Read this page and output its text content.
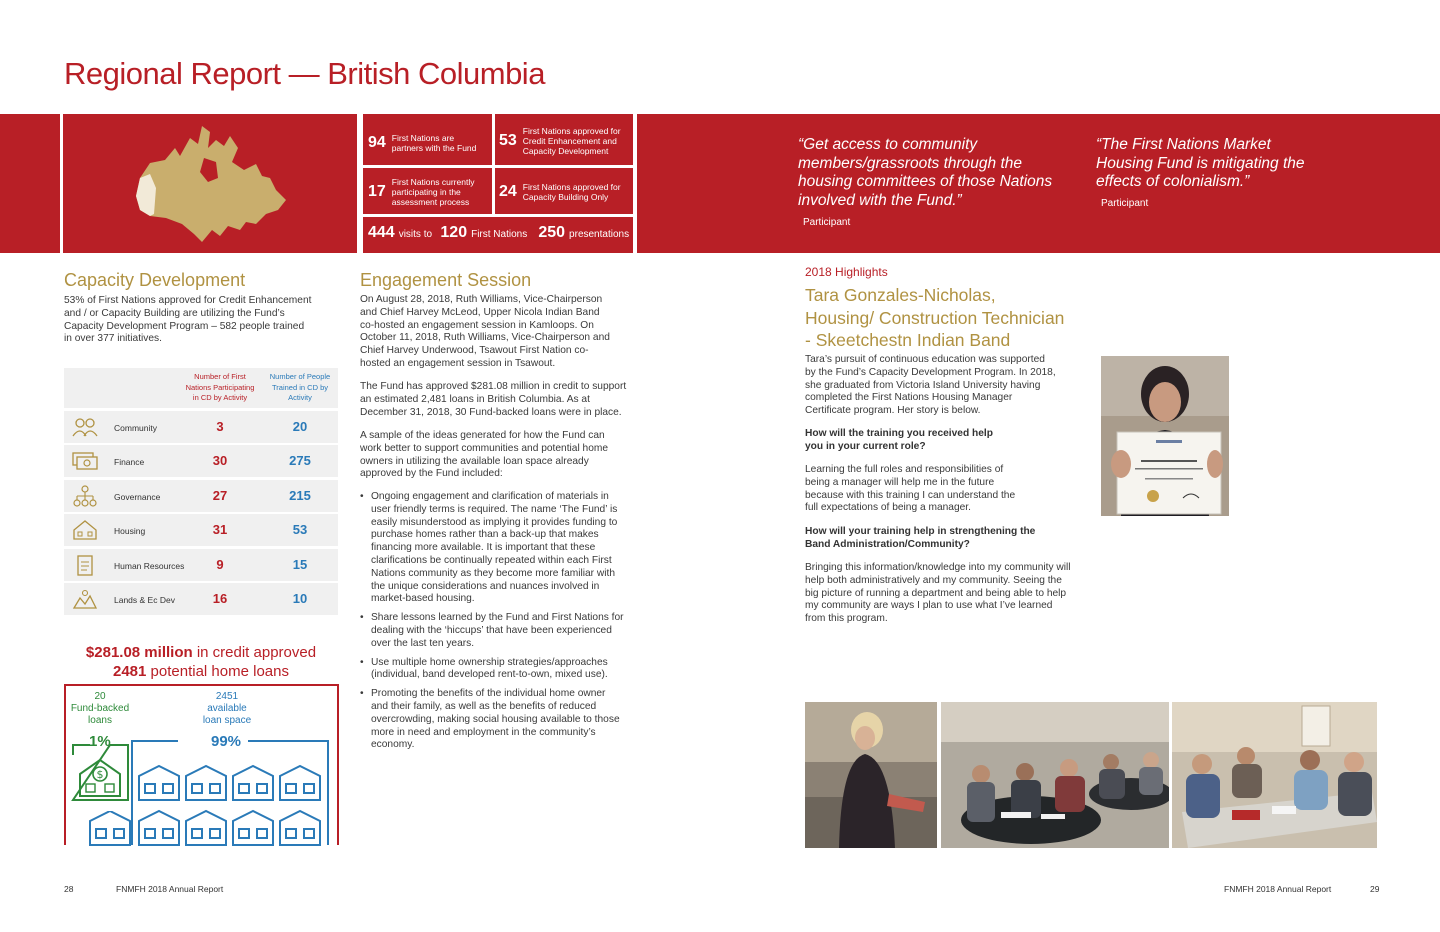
Regional Report — British Columbia
94 First Nations are partners with the Fund	53
First Nations approved for Credit Enhancement and Capacity Development
17
First Nations currently participating in the assessment process
24 First Nations approved for Capacity Building Only
444 visits to 120 First Nations 250 presentations
“Get access to community members/grassroots through the housing committees of those Nations involved with the Fund.”
Participant
“The First Nations Market Housing Fund is mitigating the effects of colonialism.”
Participant
Capacity Development
53% of First Nations approved for Credit Enhancement and / or Capacity Building are utilizing the Fund’s Capacity Development Program – 582 people trained in over 377 initiatives.
Number of First Nations Participating in CD by Activity
Number of People Trained in CD by Activity
Community	3	20
Finance	30	275
Governance	27	215
Housing	31	53
Human Resources	9	15
Lands & Ec Dev	16	10
$281.08 million in credit approved
2481 potential home loans
20
Fund-backed
loans
2451
available
loan space
1%	99%
$
Engagement Session
On August 28, 2018, Ruth Williams, Vice-Chairperson and Chief Harvey McLeod, Upper Nicola Indian Band co-hosted an engagement session in Kamloops. On October 11, 2018, Ruth Williams, Vice-Chairperson and Chief Harvey Underwood, Tsawout First Nation co-hosted an engagement session in Tsawout.
The Fund has approved $281.08 million in credit to support an estimated 2,481 loans in British Columbia. As at December 31, 2018, 30 Fund-backed loans were in place.
A sample of the ideas generated for how the Fund can work better to support communities and potential home owners in utilizing the available loan space already approved by the Fund included:
• Ongoing engagement and clarification of materials in user friendly terms is required. The name ‘The Fund’ is easily misunderstood as implying it provides funding to purchase homes rather than a back-up that makes financing more available. It is important that these clarifications be continually repeated within each First Nations community as they become more familiar with the unique considerations and nuances involved in market-based housing.
• Share lessons learned by the Fund and First Nations for dealing with the ‘hiccups’ that have been experienced over the last ten years.
• Use multiple home ownership strategies/approaches (individual, band developed rent-to-own, mixed use).
• Promoting the benefits of the individual home owner and their family, as well as the benefits of reduced overcrowding, making social housing available to those more in need and employment in the community’s economy.
2018 Highlights
Tara Gonzales-Nicholas, Housing/ Construction Technician - Skeetchestn Indian Band
Tara’s pursuit of continuous education was supported by the Fund’s Capacity Development Program. In 2018, she graduated from Victoria Island University having completed the First Nations Housing Manager Certificate program. Her story is below.
How will the training you received help you in your current role?
Learning the full roles and responsibilities of being a manager will help me in the future because with this training I can understand the full expectations of being a manager.
How will your training help in strengthening the Band Administration/Community?
Bringing this information/knowledge into my community will help both administratively and my community. Seeing the big picture of running a department and being able to help my community are ways I plan to use what I’ve learned from this program.
28	FNMFH 2018 Annual Report	FNMFH 2018 Annual Report	29
